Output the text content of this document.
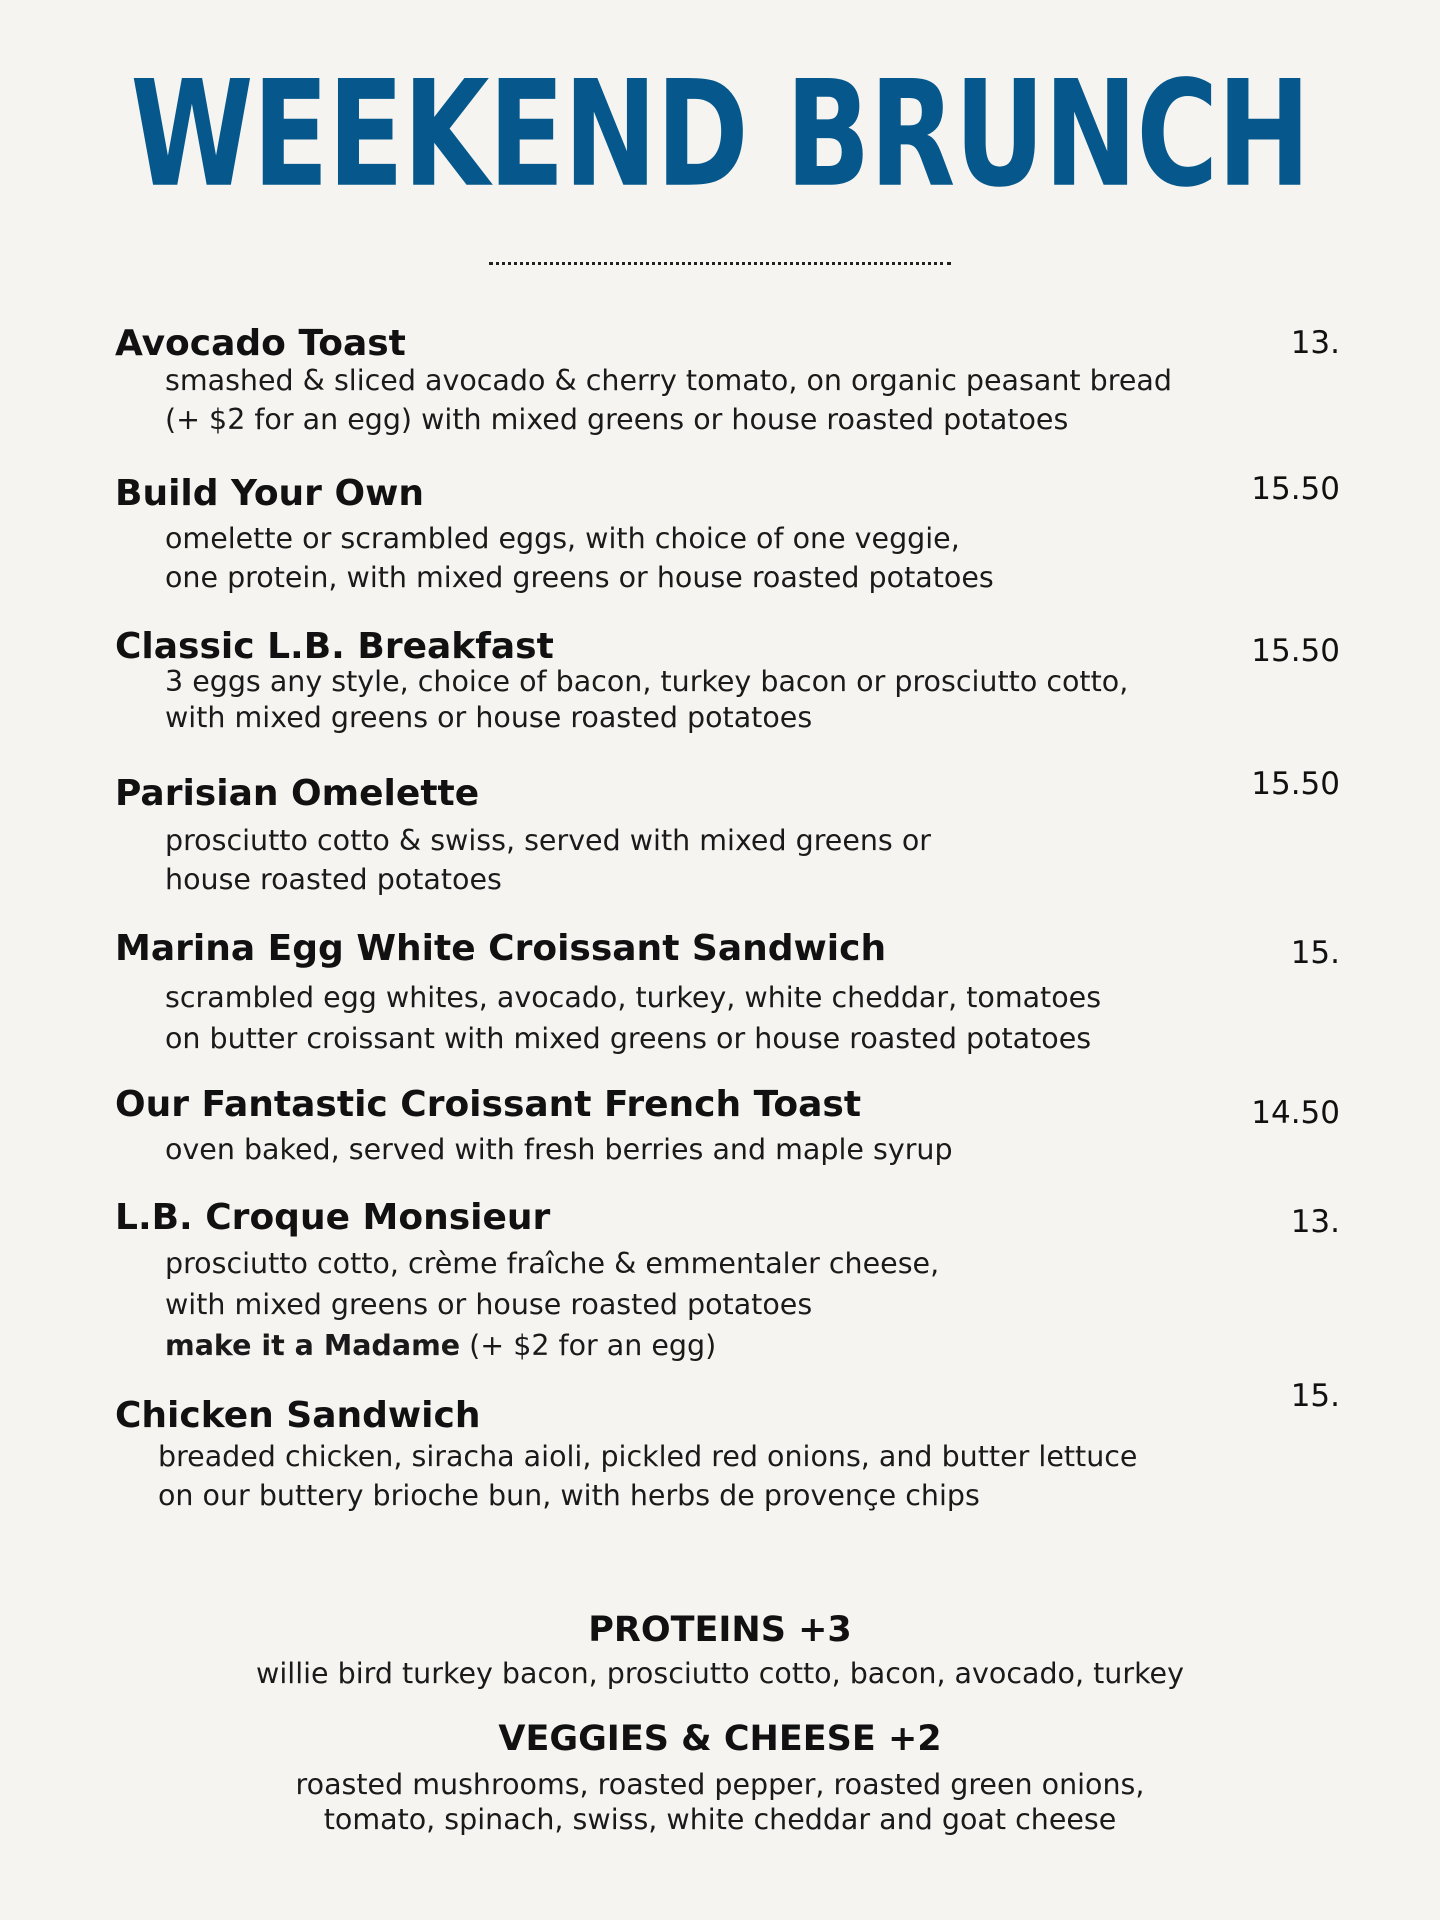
WEEKEND BRUNCH
Avocado Toast	13.
smashed & sliced avocado & cherry tomato, on organic peasant bread
(+ $2 for an egg) with mixed greens or house roasted potatoes
Build Your Own	15.50
omelette or scrambled eggs, with choice of one veggie,
one protein, with mixed greens or house roasted potatoes
Classic L.B. Breakfast	15.50
3 eggs any style, choice of bacon, turkey bacon or prosciutto cotto,
with mixed greens or house roasted potatoes
Parisian Omelette	15.50
prosciutto cotto & swiss, served with mixed greens or
house roasted potatoes
Marina Egg White Croissant Sandwich	15.
scrambled egg whites, avocado, turkey, white cheddar, tomatoes
on butter croissant with mixed greens or house roasted potatoes
Our Fantastic Croissant French Toast	14.50
oven baked, served with fresh berries and maple syrup
L.B. Croque Monsieur	13.
prosciutto cotto, crème fraîche & emmentaler cheese,
with mixed greens or house roasted potatoes
make it a Madame (+ $2 for an egg)
Chicken Sandwich	15.
breaded chicken, siracha aioli, pickled red onions, and butter lettuce
on our buttery brioche bun, with herbs de provençe chips
PROTEINS +3
willie bird turkey bacon, prosciutto cotto, bacon, avocado, turkey
VEGGIES & CHEESE +2
roasted mushrooms, roasted pepper, roasted green onions,
tomato, spinach, swiss, white cheddar and goat cheese
